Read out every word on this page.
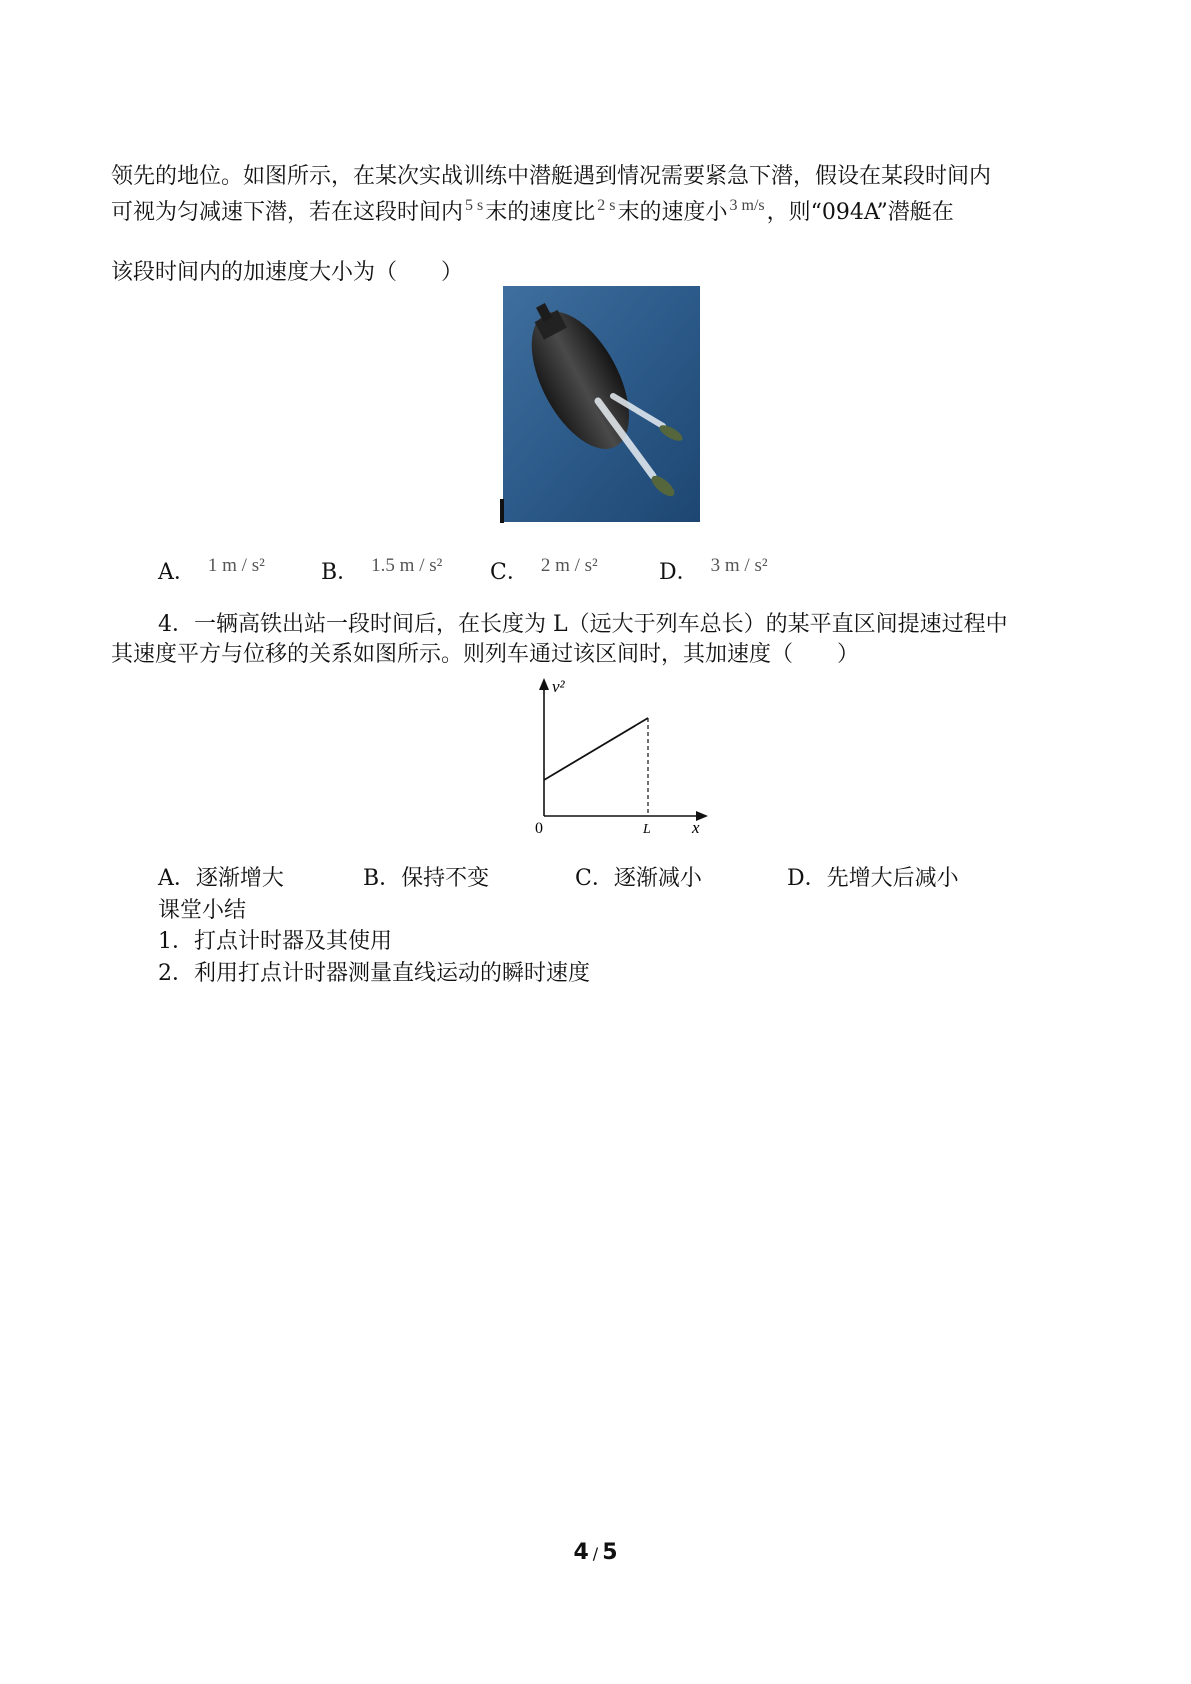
领先的地位。如图所示，在某次实战训练中潜艇遇到情况需要紧急下潜，假设在某段时间内
可视为匀减速下潜，若在这段时间内 $^{5 s}$末的速度比 $^{2 s}$末的速度小 $^{3 m/s}$，则“094A”潜艇在
该段时间内的加速度大小为（　　）
A． 1 m / s²	B． 1.5 m / s² C． 2 m / s²	D． 3 m / s²
4．一辆高铁出站一段时间后，在长度为 L（远大于列车总长）的某平直区间提速过程中
其速度平方与位移的关系如图所示。则列车通过该区间时，其加速度（　　）
v²
0	L x
A．逐渐增大	B．保持不变	C．逐渐减小	D．先增大后减小
课堂小结
1．打点计时器及其使用
2．利用打点计时器测量直线运动的瞬时速度
4 / 5
